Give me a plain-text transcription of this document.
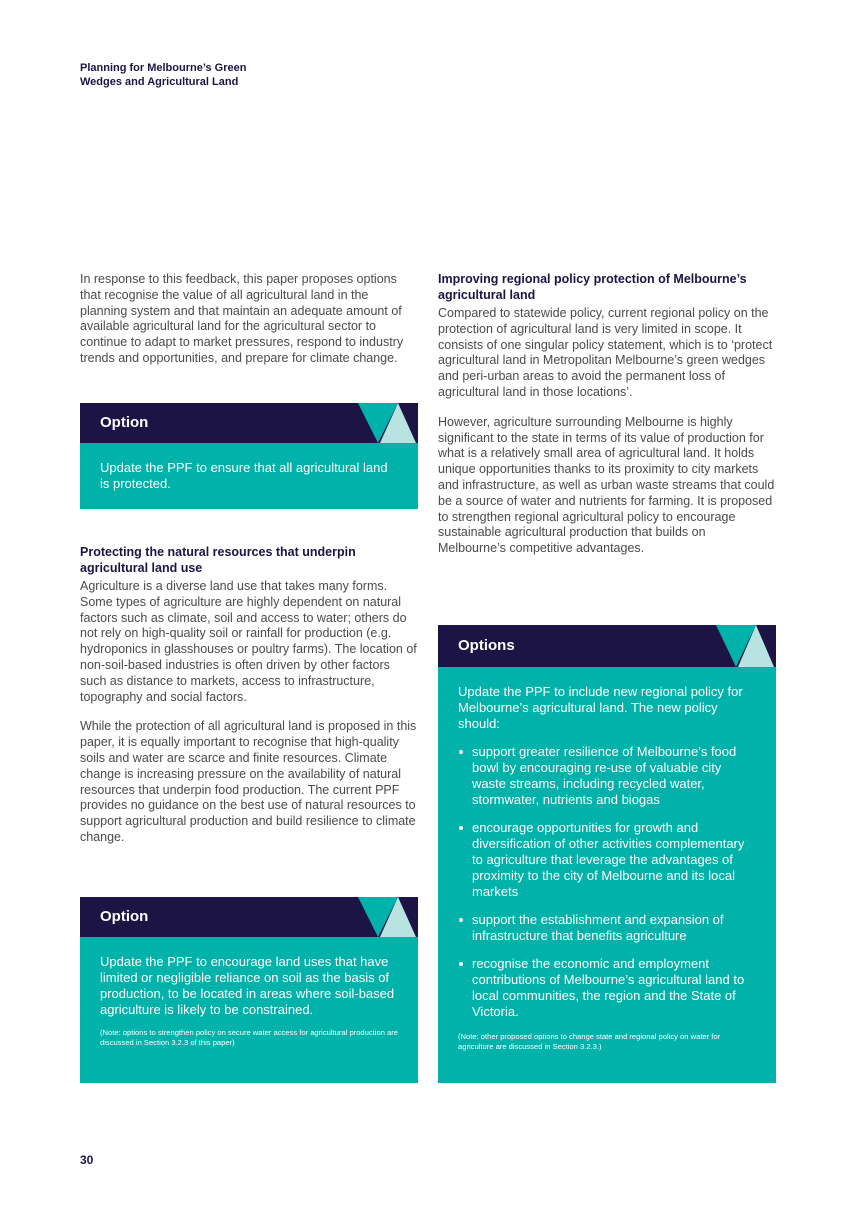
Planning for Melbourne’s Green
Wedges and Agricultural Land

In response to this feedback, this paper proposes options that recognise the value of all agricultural land in the planning system and that maintain an adequate amount of available agricultural land for the agricultural sector to continue to adapt to market pressures, respond to industry trends and opportunities, and prepare for climate change.

Option

Update the PPF to ensure that all agricultural land is protected.

Protecting the natural resources that underpin agricultural land use

Agriculture is a diverse land use that takes many forms. Some types of agriculture are highly dependent on natural factors such as climate, soil and access to water; others do not rely on high-quality soil or rainfall for production (e.g. hydroponics in glasshouses or poultry farms). The location of non-soil-based industries is often driven by other factors such as distance to markets, access to infrastructure, topography and social factors.

While the protection of all agricultural land is proposed in this paper, it is equally important to recognise that high-quality soils and water are scarce and finite resources. Climate change is increasing pressure on the availability of natural resources that underpin food production. The current PPF provides no guidance on the best use of natural resources to support agricultural production and build resilience to climate change.

Option

Update the PPF to encourage land uses that have limited or negligible reliance on soil as the basis of production, to be located in areas where soil-based agriculture is likely to be constrained.

(Note: options to strengthen policy on secure water access for agricultural production are discussed in Section 3.2.3 of this paper)

Improving regional policy protection of Melbourne’s agricultural land

Compared to statewide policy, current regional policy on the protection of agricultural land is very limited in scope. It consists of one singular policy statement, which is to ‘protect agricultural land in Metropolitan Melbourne’s green wedges and peri-urban areas to avoid the permanent loss of agricultural land in those locations’.

However, agriculture surrounding Melbourne is highly significant to the state in terms of its value of production for what is a relatively small area of agricultural land. It holds unique opportunities thanks to its proximity to city markets and infrastructure, as well as urban waste streams that could be a source of water and nutrients for farming. It is proposed to strengthen regional agricultural policy to encourage sustainable agricultural production that builds on Melbourne’s competitive advantages.

Options

Update the PPF to include new regional policy for Melbourne’s agricultural land. The new policy should:

support greater resilience of Melbourne’s food bowl by encouraging re-use of valuable city waste streams, including recycled water, stormwater, nutrients and biogas
encourage opportunities for growth and diversification of other activities complementary to agriculture that leverage the advantages of proximity to the city of Melbourne and its local markets
support the establishment and expansion of infrastructure that benefits agriculture
recognise the economic and employment contributions of Melbourne’s agricultural land to local communities, the region and the State of Victoria.

(Note: other proposed options to change state and regional policy on water for agriculture are discussed in Section 3.2.3.)

30
